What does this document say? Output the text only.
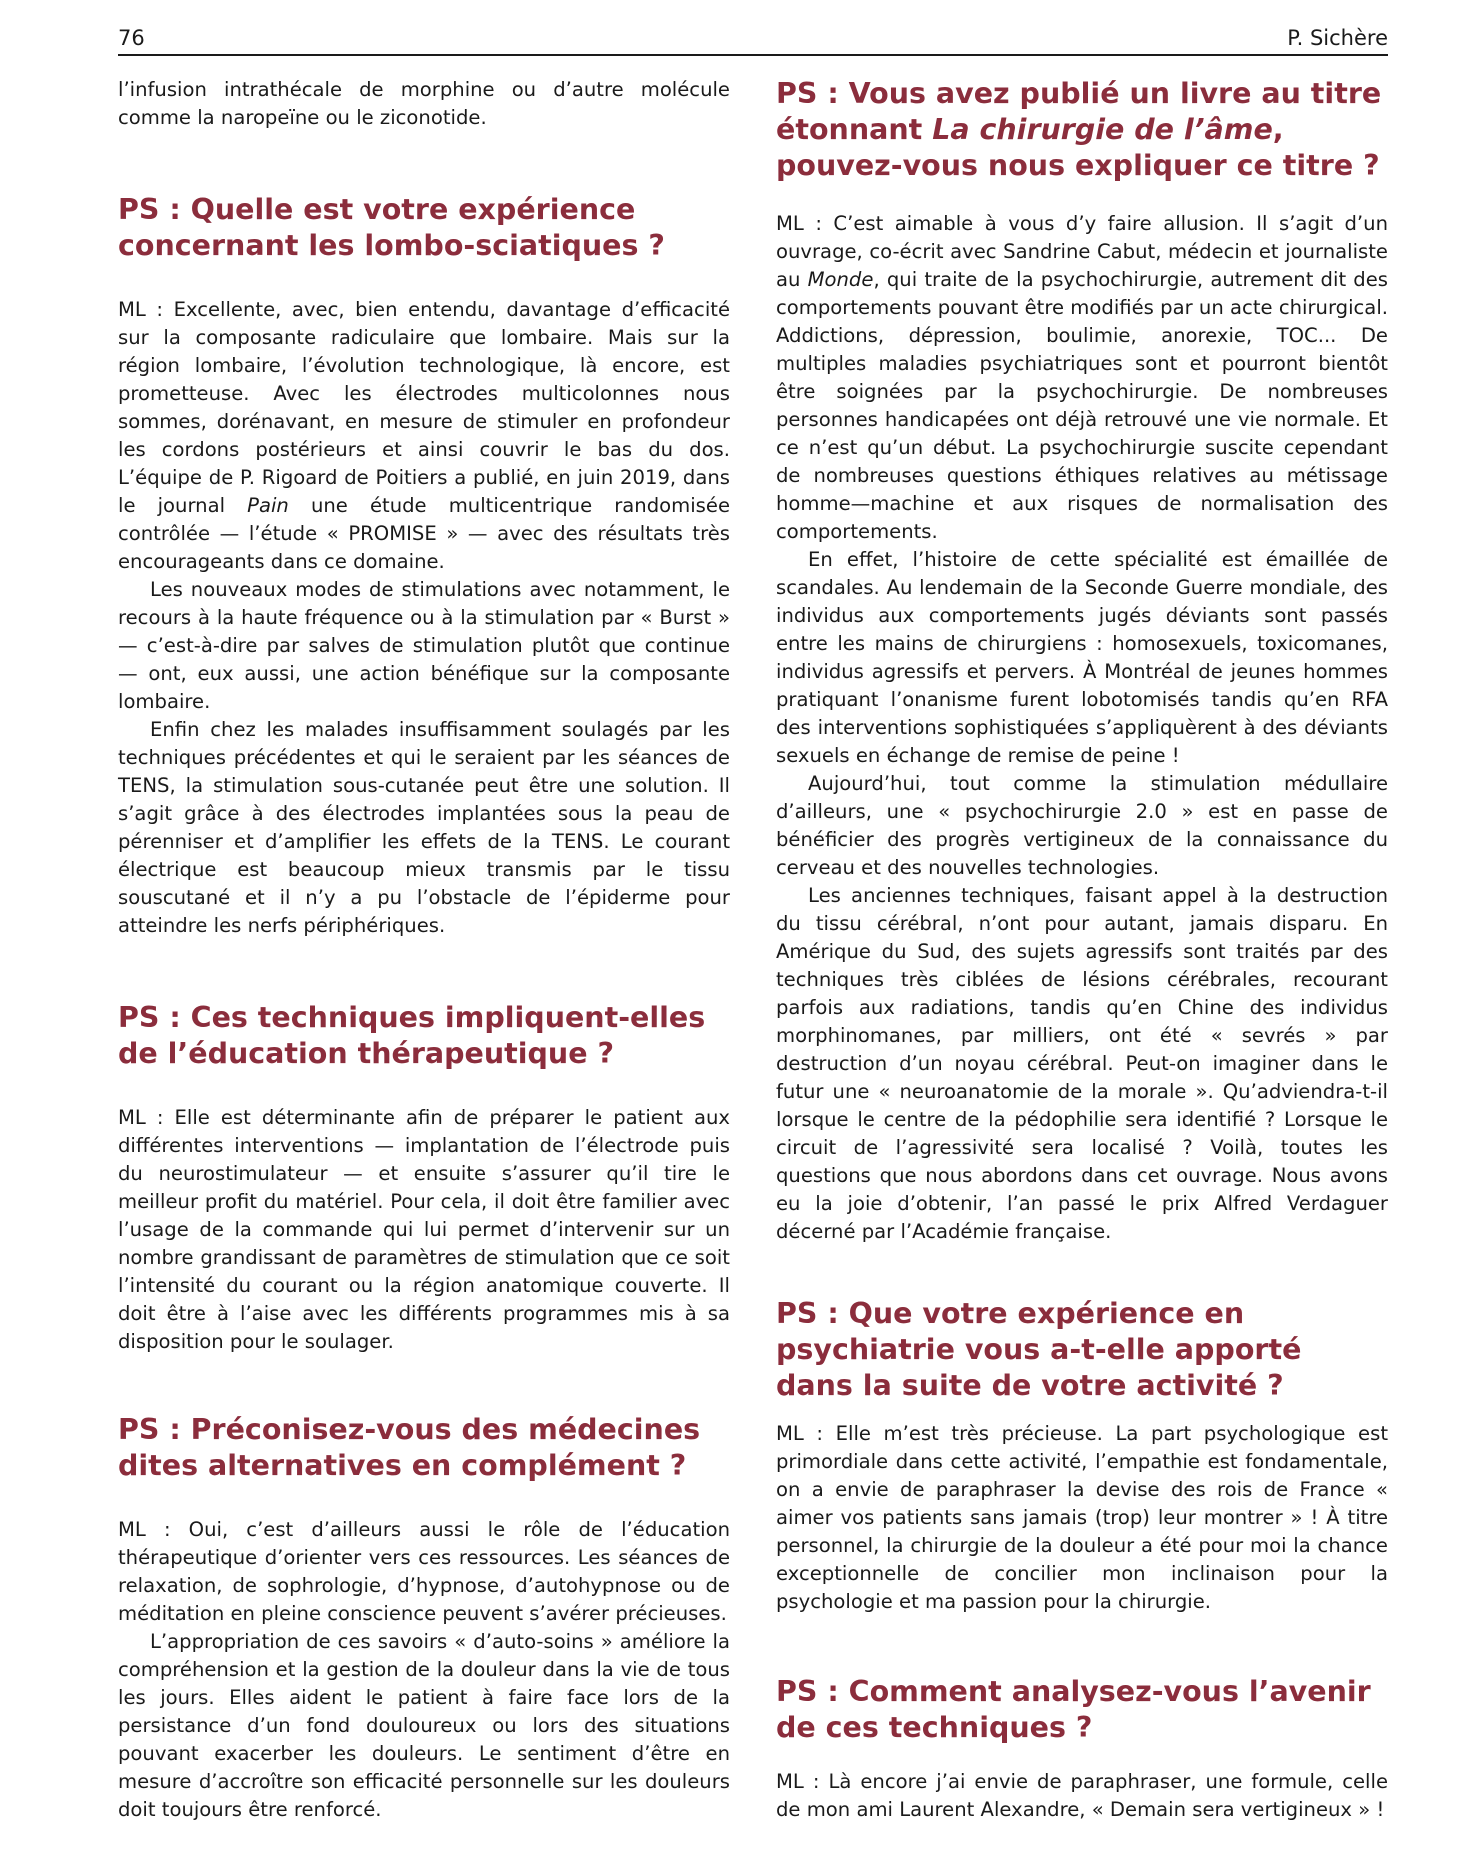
76	P. Sichère

l’infusion intrathécale de morphine ou d’autre molécule comme la naropeïne ou le ziconotide.

PS : Quelle est votre expérience concernant les lombo-sciatiques ?

ML : Excellente, avec, bien entendu, davantage d’efficacité sur la composante radiculaire que lombaire. Mais sur la région lombaire, l’évolution technologique, là encore, est prometteuse. Avec les électrodes multicolonnes nous sommes, dorénavant, en mesure de stimuler en profondeur les cordons postérieurs et ainsi couvrir le bas du dos. L’équipe de P. Rigoard de Poitiers a publié, en juin 2019, dans le journal Pain une étude multicentrique randomisée contrôlée — l’étude « PROMISE » — avec des résultats très encourageants dans ce domaine.

Les nouveaux modes de stimulations avec notamment, le recours à la haute fréquence ou à la stimulation par « Burst » — c’est-à-dire par salves de stimulation plutôt que continue — ont, eux aussi, une action bénéfique sur la composante lombaire.

Enfin chez les malades insuffisamment soulagés par les techniques précédentes et qui le seraient par les séances de TENS, la stimulation sous-cutanée peut être une solution. Il s’agit grâce à des électrodes implantées sous la peau de pérenniser et d’amplifier les effets de la TENS. Le courant électrique est beaucoup mieux transmis par le tissu souscutané et il n’y a pu l’obstacle de l’épiderme pour atteindre les nerfs périphériques.

PS : Ces techniques impliquent-elles de l’éducation thérapeutique ?

ML : Elle est déterminante afin de préparer le patient aux différentes interventions — implantation de l’électrode puis du neurostimulateur — et ensuite s’assurer qu’il tire le meilleur profit du matériel. Pour cela, il doit être familier avec l’usage de la commande qui lui permet d’intervenir sur un nombre grandissant de paramètres de stimulation que ce soit l’intensité du courant ou la région anatomique couverte. Il doit être à l’aise avec les différents programmes mis à sa disposition pour le soulager.

PS : Préconisez-vous des médecines dites alternatives en complément ?

ML : Oui, c’est d’ailleurs aussi le rôle de l’éducation thérapeutique d’orienter vers ces ressources. Les séances de relaxation, de sophrologie, d’hypnose, d’autohypnose ou de méditation en pleine conscience peuvent s’avérer précieuses.

L’appropriation de ces savoirs « d’auto-soins » améliore la compréhension et la gestion de la douleur dans la vie de tous les jours. Elles aident le patient à faire face lors de la persistance d’un fond douloureux ou lors des situations pouvant exacerber les douleurs. Le sentiment d’être en mesure d’accroître son efficacité personnelle sur les douleurs doit toujours être renforcé.

PS : Vous avez publié un livre au titre étonnant La chirurgie de l’âme, pouvez-vous nous expliquer ce titre ?

ML : C’est aimable à vous d’y faire allusion. Il s’agit d’un ouvrage, co-écrit avec Sandrine Cabut, médecin et journaliste au Monde, qui traite de la psychochirurgie, autrement dit des comportements pouvant être modifiés par un acte chirurgical. Addictions, dépression, boulimie, anorexie, TOC... De multiples maladies psychiatriques sont et pourront bientôt être soignées par la psychochirurgie. De nombreuses personnes handicapées ont déjà retrouvé une vie normale. Et ce n’est qu’un début. La psychochirurgie suscite cependant de nombreuses questions éthiques relatives au métissage homme—machine et aux risques de normalisation des comportements.

En effet, l’histoire de cette spécialité est émaillée de scandales. Au lendemain de la Seconde Guerre mondiale, des individus aux comportements jugés déviants sont passés entre les mains de chirurgiens : homosexuels, toxicomanes, individus agressifs et pervers. À Montréal de jeunes hommes pratiquant l’onanisme furent lobotomisés tandis qu’en RFA des interventions sophistiquées s’appliquèrent à des déviants sexuels en échange de remise de peine !

Aujourd’hui, tout comme la stimulation médullaire d’ailleurs, une « psychochirurgie 2.0 » est en passe de bénéficier des progrès vertigineux de la connaissance du cerveau et des nouvelles technologies.

Les anciennes techniques, faisant appel à la destruction du tissu cérébral, n’ont pour autant, jamais disparu. En Amérique du Sud, des sujets agressifs sont traités par des techniques très ciblées de lésions cérébrales, recourant parfois aux radiations, tandis qu’en Chine des individus morphinomanes, par milliers, ont été « sevrés » par destruction d’un noyau cérébral. Peut-on imaginer dans le futur une « neuroanatomie de la morale ». Qu’adviendra-t-il lorsque le centre de la pédophilie sera identifié ? Lorsque le circuit de l’agressivité sera localisé ? Voilà, toutes les questions que nous abordons dans cet ouvrage. Nous avons eu la joie d’obtenir, l’an passé le prix Alfred Verdaguer décerné par l’Académie française.

PS : Que votre expérience en psychiatrie vous a-t-elle apporté dans la suite de votre activité ?

ML : Elle m’est très précieuse. La part psychologique est primordiale dans cette activité, l’empathie est fondamentale, on a envie de paraphraser la devise des rois de France « aimer vos patients sans jamais (trop) leur montrer » ! À titre personnel, la chirurgie de la douleur a été pour moi la chance exceptionnelle de concilier mon inclinaison pour la psychologie et ma passion pour la chirurgie.

PS : Comment analysez-vous l’avenir de ces techniques ?

ML : Là encore j’ai envie de paraphraser, une formule, celle de mon ami Laurent Alexandre, « Demain sera vertigineux » !
